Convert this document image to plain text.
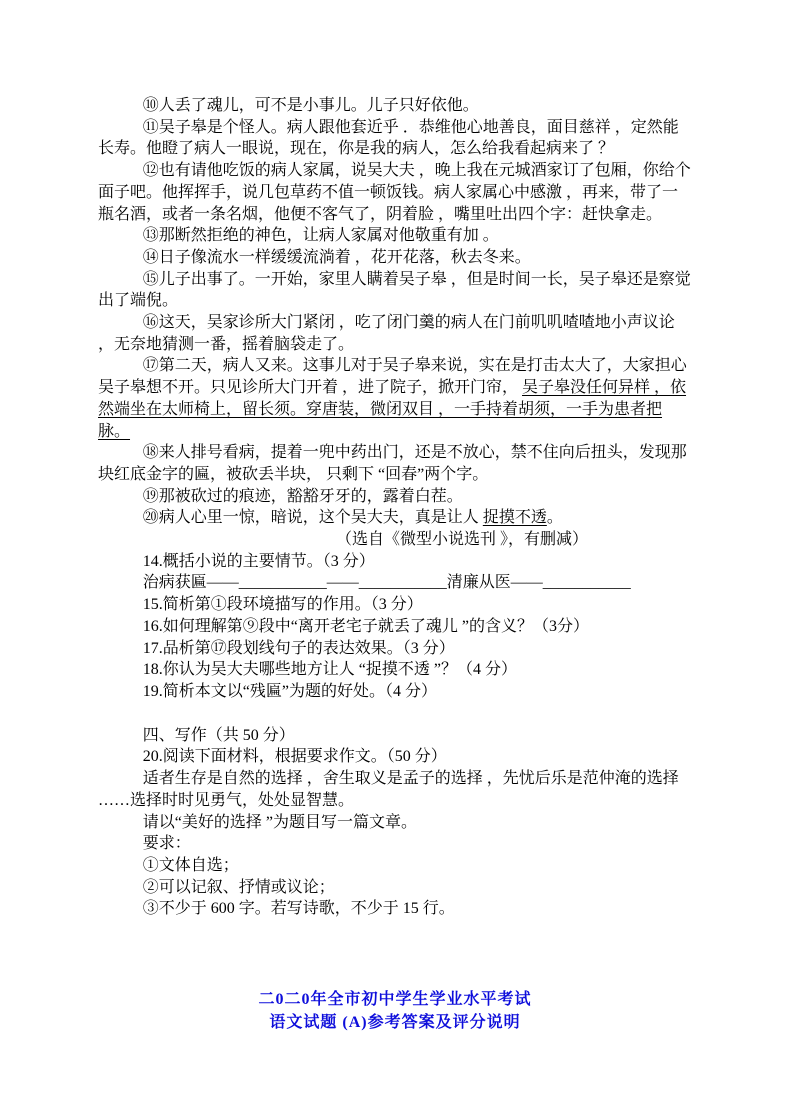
⑩人丢了魂儿，可不是小事儿。儿子只好依他。

⑪吴子皋是个怪人。病人跟他套近乎 ．恭维他心地善良，面目慈祥 ，定然能长寿。他瞪了病人一眼说，现在，你是我的病人，怎么给我看起病来了 ？

⑫也有请他吃饭的病人家属，说吴大夫 ，晚上我在元城酒家订了包厢，你给个面子吧。他挥挥手，说几包草药不值一顿饭钱。病人家属心中感激 ，再来，带了一瓶名酒，或者一条名烟，他便不客气了，阴着脸 ，嘴里吐出四个字：赶快拿走。

⑬那断然拒绝的神色，让病人家属对他敬重有加 。

⑭日子像流水一样缓缓流淌着 ，花开花落，秋去冬来。

⑮儿子出事了。一开始，家里人瞒着吴子皋 ，但是时间一长，吴子皋还是察觉出了端倪。

⑯这天，吴家诊所大门紧闭 ，吃了闭门羹的病人在门前叽叽喳喳地小声议论 ，无奈地猜测一番，摇着脑袋走了。

⑰第二天，病人又来。这事儿对于吴子皋来说，实在是打击太大了，大家担心吴子皋想不开。只见诊所大门开着 ，进了院子，掀开门帘， 吴子皋没任何异样 ，依然端坐在太师椅上，留长须。穿唐装，微闭双目 ，一手持着胡须，一手为患者把脉。

⑱来人排号看病，提着一兜中药出门，还是不放心，禁不住向后扭头，发现那块红底金字的匾，被砍丢半块， 只剩下 “回春”两个字。

⑲那被砍过的痕迹，豁豁牙牙的，露着白茬。

⑳病人心里一惊，暗说，这个吴大夫，真是让人 捉摸不透。

（选自《微型小说选刊 》，有删减）

14.概括小说的主要情节。（3 分）

治病获匾——___________——___________清廉从医——___________

15.简析第①段环境描写的作用。（3 分）

16.如何理解第⑨段中“离开老宅子就丢了魂儿 ”的含义？（3分）

17.品析第⑰段划线句子的表达效果。（3 分）

18.你认为吴大夫哪些地方让人 “捉摸不透 ”？（4 分）

19.简析本文以“残匾”为题的好处。（4 分）

四、写作（共 50 分）

20.阅读下面材料，根据要求作文。（50 分）

适者生存是自然的选择 ，舍生取义是孟子的选择 ，先忧后乐是范仲淹的选择 ……选择时时见勇气，处处显智慧。

请以“美好的选择 ”为题目写一篇文章。

要求：

①文体自选；

②可以记叙、抒情或议论；

③不少于 600 字。若写诗歌，不少于 15 行。

二0二0年全市初中学生学业水平考试

语文试题 (A)参考答案及评分说明
